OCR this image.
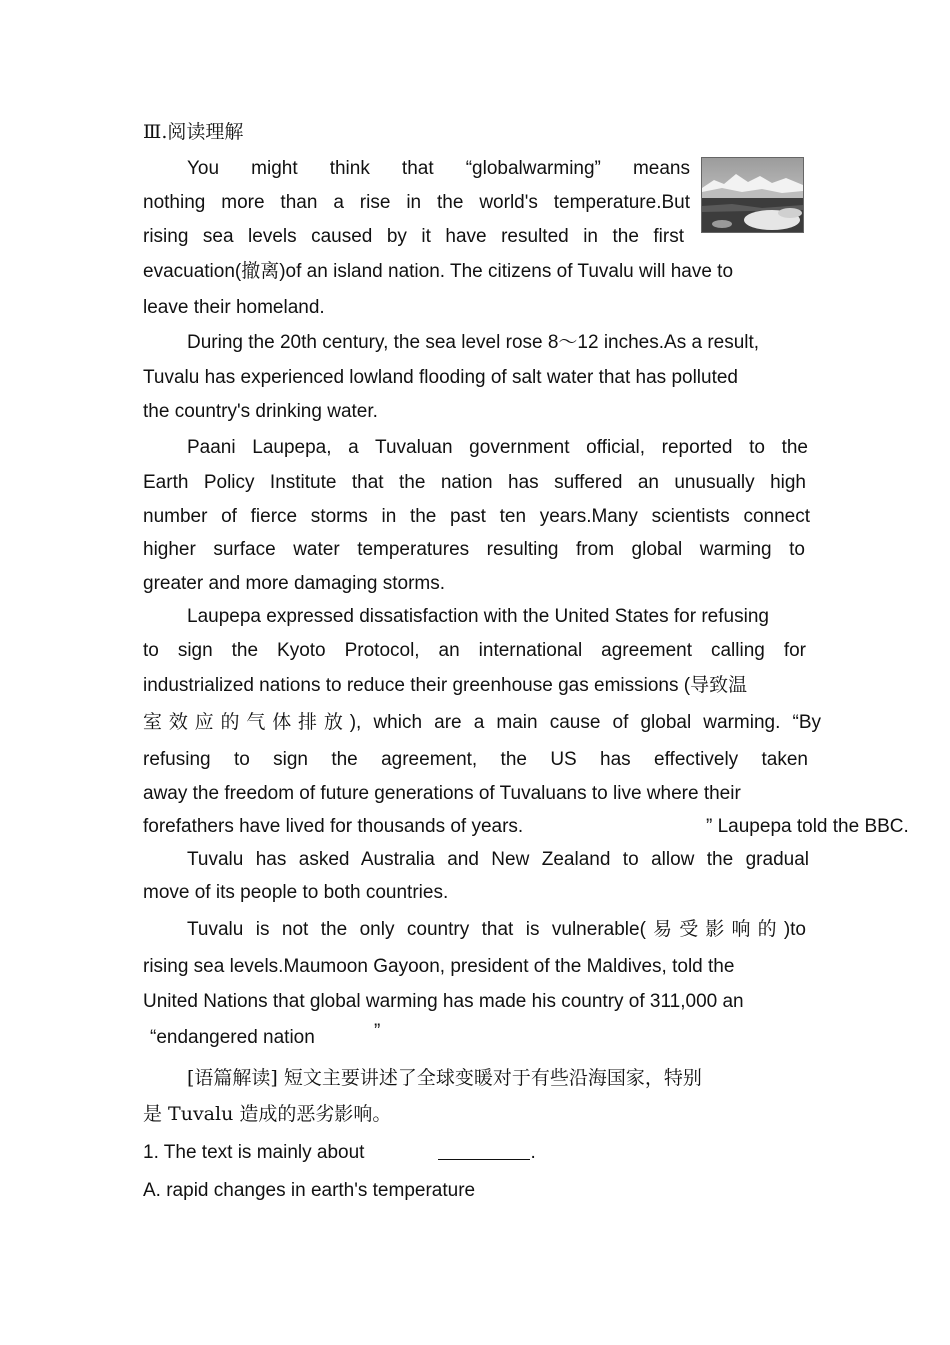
Ⅲ.阅读理解
You might think that “globalwarming” means
nothing more than a rise in the world's temperature.But
rising sea levels caused by it have resulted in the first
evacuation(撤离)of an island nation. The citizens of Tuvalu will have to
leave their homeland.
During the 20th century, the sea level rose 8～12 inches.As a result,
Tuvalu has experienced lowland flooding of salt water that has polluted
the country's drinking water.
Paani Laupepa, a Tuvaluan government official, reported to the
Earth Policy Institute that the nation has suffered an unusually high
number of fierce storms in the past ten years.Many scientists connect
higher surface water temperatures resulting from global warming to
greater and more damaging storms.
Laupepa expressed dissatisfaction with the United States for refusing
to sign the Kyoto Protocol, an international agreement calling for
industrialized nations to reduce their greenhouse gas emissions (导致温
室效应的气体排放), which are a main cause of global warming. “By
refusing to sign the agreement, the US has effectively taken
away the freedom of future generations of Tuvaluans to live where their
forefathers have lived for thousands of years.	” Laupepa told the BBC.
Tuvalu has asked Australia and New Zealand to allow the gradual
move of its people to both countries.
Tuvalu is not the only country that is vulnerable(易受影响的)to
rising sea levels.Maumoon Gayoon, president of the Maldives, told the
United Nations that global warming has made his country of 311,000 an
“endangered nation	”
[语篇解读] 短文主要讲述了全球变暖对于有些沿海国家，特别
是 Tuvalu 造成的恶劣影响。
1. The text is mainly about	.
A. rapid changes in earth's temperature
